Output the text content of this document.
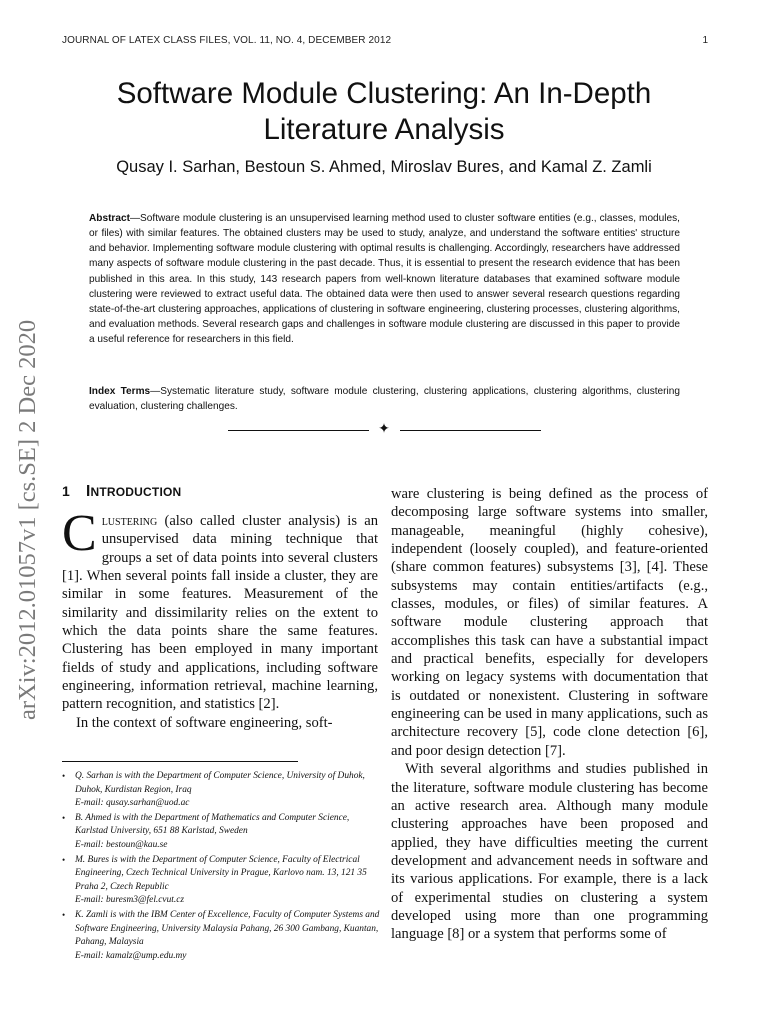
JOURNAL OF LATEX CLASS FILES, VOL. 11, NO. 4, DECEMBER 2012	1
arXiv:2012.01057v1 [cs.SE] 2 Dec 2020
Software Module Clustering: An In-Depth Literature Analysis
Qusay I. Sarhan, Bestoun S. Ahmed, Miroslav Bures, and Kamal Z. Zamli
Abstract—Software module clustering is an unsupervised learning method used to cluster software entities (e.g., classes, modules, or files) with similar features. The obtained clusters may be used to study, analyze, and understand the software entities' structure and behavior. Implementing software module clustering with optimal results is challenging. Accordingly, researchers have addressed many aspects of software module clustering in the past decade. Thus, it is essential to present the research evidence that has been published in this area. In this study, 143 research papers from well-known literature databases that examined software module clustering were reviewed to extract useful data. The obtained data were then used to answer several research questions regarding state-of-the-art clustering approaches, applications of clustering in software engineering, clustering processes, clustering algorithms, and evaluation methods. Several research gaps and challenges in software module clustering are discussed in this paper to provide a useful reference for researchers in this field.
Index Terms—Systematic literature study, software module clustering, clustering applications, clustering algorithms, clustering evaluation, clustering challenges.
✦
1 INTRODUCTION

Clustering (also called cluster analysis) is an unsupervised data mining technique that groups a set of data points into several clusters [1]. When several points fall inside a cluster, they are similar in some features. Measurement of the similarity and dissimilarity relies on the extent to which the data points share the same features. Clustering has been employed in many important fields of study and applications, including software engineering, information retrieval, machine learning, pattern recognition, and statistics [2].

In the context of software engineering, soft-

ware clustering is being defined as the process of decomposing large software systems into smaller, manageable, meaningful (highly cohesive), independent (loosely coupled), and feature-oriented (share common features) subsystems [3], [4]. These subsystems may contain entities/artifacts (e.g., classes, modules, or files) of similar features. A software module clustering approach that accomplishes this task can have a substantial impact and practical benefits, especially for developers working on legacy systems with documentation that is outdated or nonexistent. Clustering in software engineering can be used in many applications, such as architecture recovery [5], code clone detection [6], and poor design detection [7].

With several algorithms and studies published in the literature, software module clustering has become an active research area. Although many module clustering approaches have been proposed and applied, they have difficulties meeting the current development and advancement needs in software and its various applications. For example, there is a lack of experimental studies on clustering a system developed using more than one programming language [8] or a system that performs some of

• Q. Sarhan is with the Department of Computer Science, University of Duhok, Duhok, Kurdistan Region, Iraq
E-mail: qusay.sarhan@uod.ac
• B. Ahmed is with the Department of Mathematics and Computer Science, Karlstad University, 651 88 Karlstad, Sweden
E-mail: bestoun@kau.se
• M. Bures is with the Department of Computer Science, Faculty of Electrical Engineering, Czech Technical University in Prague, Karlovo nam. 13, 121 35 Praha 2, Czech Republic
E-mail: buresm3@fel.cvut.cz
• K. Zamli is with the IBM Center of Excellence, Faculty of Computer Systems and Software Engineering, University Malaysia Pahang, 26 300 Gambang, Kuantan, Pahang, Malaysia
E-mail: kamalz@ump.edu.my
